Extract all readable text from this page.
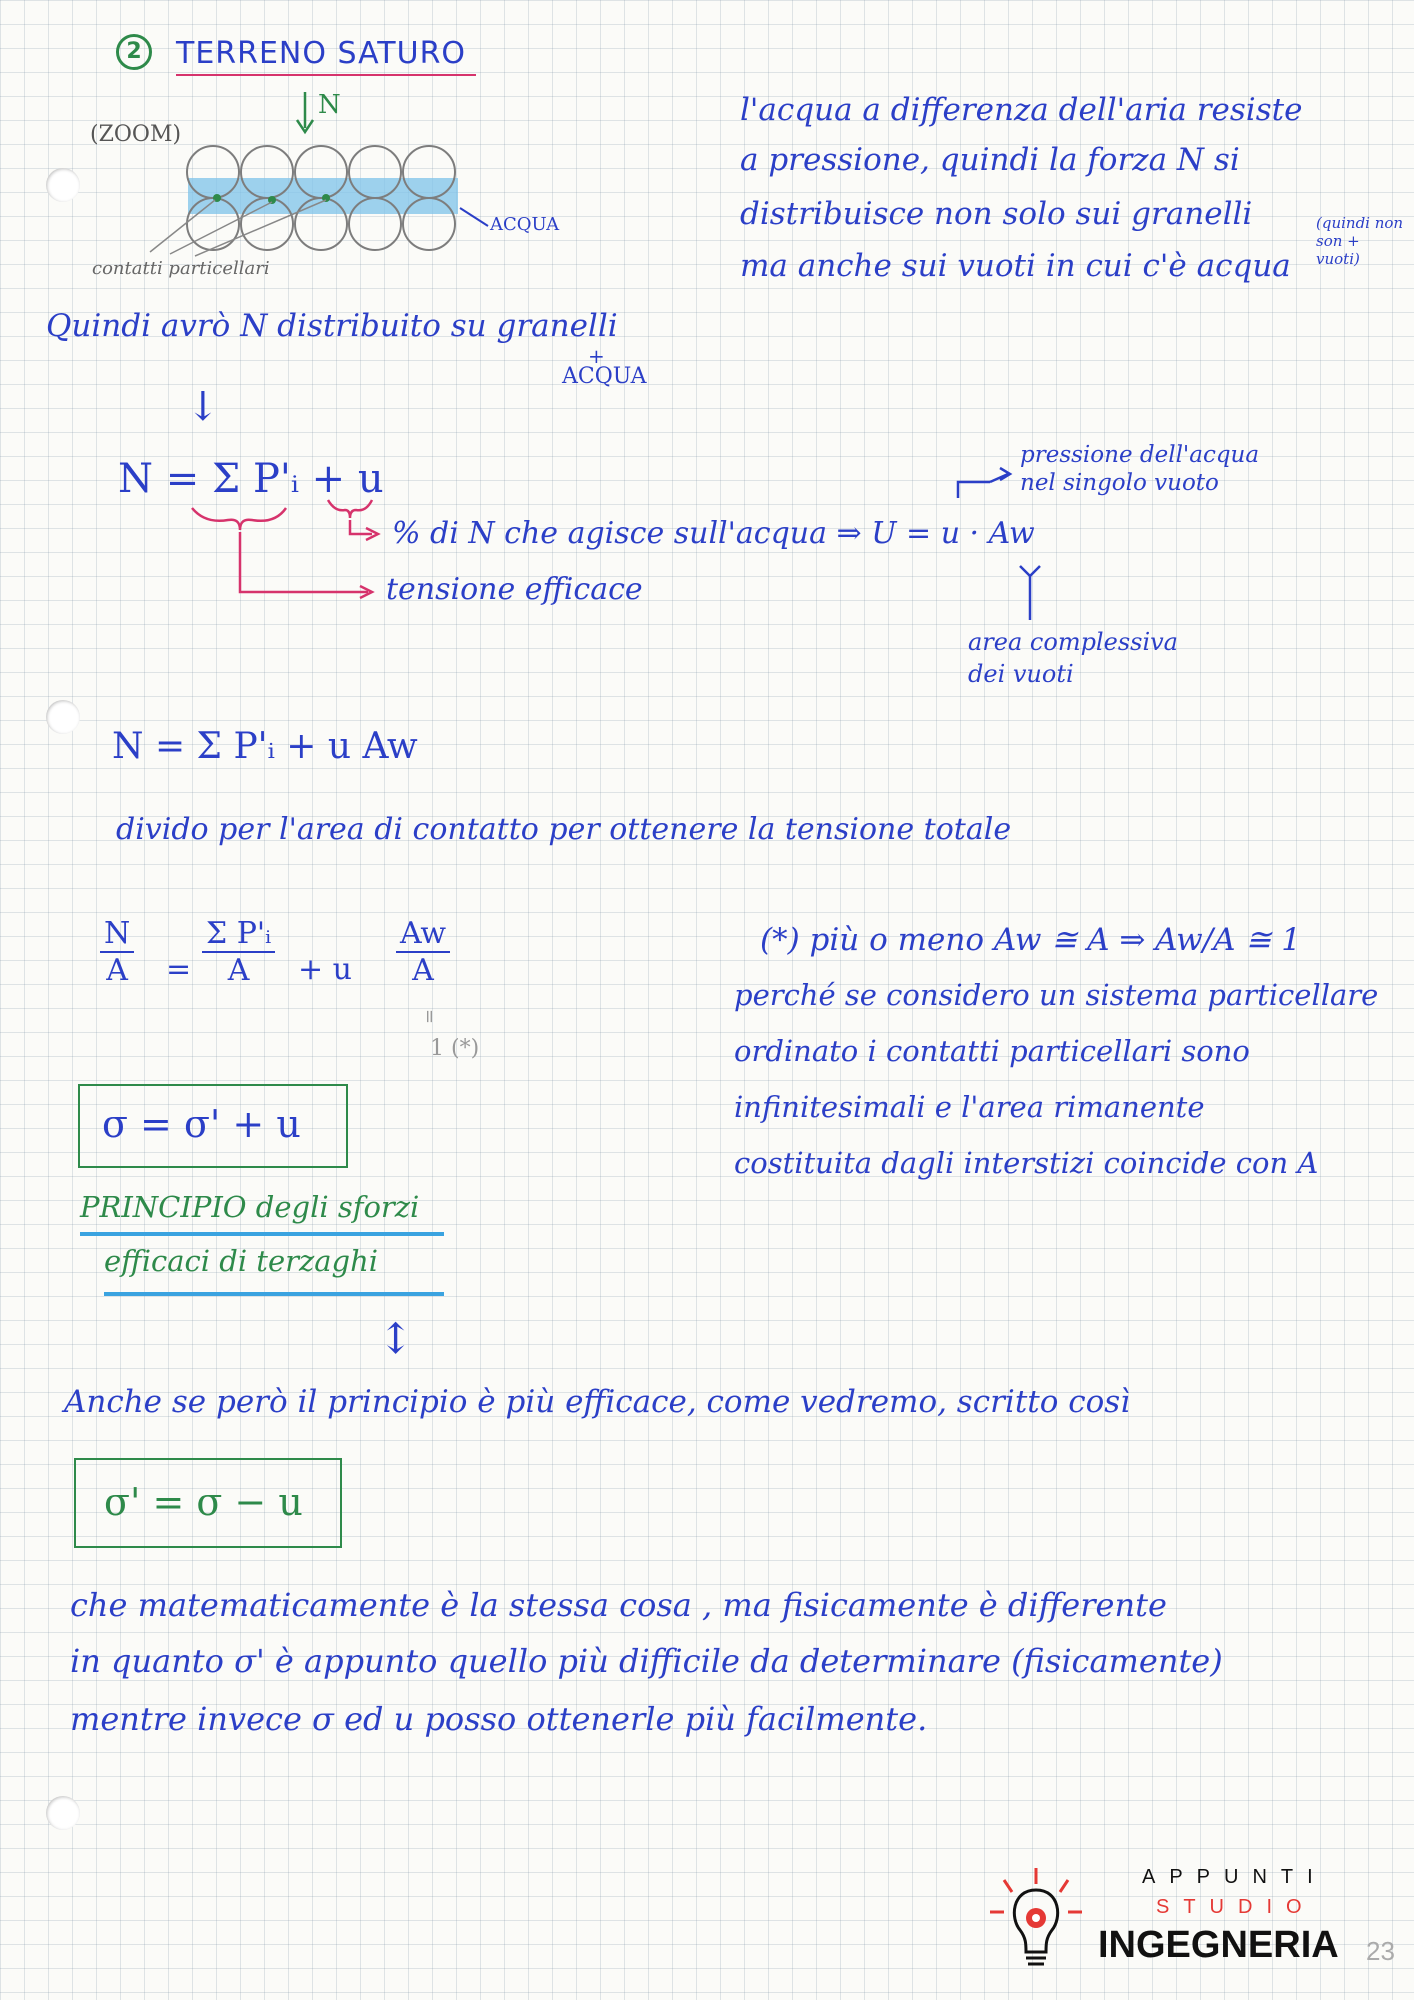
2	TERRENO SATURO
(ZOOM)
N
ACQUA
contatti particellari
l'acqua a differenza dell'aria resiste
a pressione, quindi la forza N si
distribuisce non solo sui granelli
ma anche sui vuoti in cui c'è acqua
(quindi non son + vuoti)
Quindi avrò N distribuito su granelli
+
ACQUA
↓
N = Σ P'ᵢ + u
% di N che agisce sull'acqua ⇒ U = u · Aw
tensione efficace
pressione dell'acqua
nel singolo vuoto
area complessiva
dei vuoti
N = Σ P'ᵢ + u Aw
divido per l'area di contatto per ottenere la tensione totale
$\frac{N}{A} = \frac{\text{Σ P'ᵢ}}{A} + u \frac{Aw}{A}$
=
1 (*)
(*) più o meno Aw ≅ A ⇒ Aw/A ≅ 1
perché se considero un sistema particellare
ordinato i contatti particellari sono
infinitesimali e l'area rimanente
costituita dagli interstizi coincide con A
σ = σ' + u
PRINCIPIO degli sforzi
efficaci di terzaghi
↕
Anche se però il principio è più efficace, come vedremo, scritto così
σ' = σ − u
che matematicamente è la stessa cosa , ma fisicamente è differente
in quanto σ' è appunto quello più difficile da determinare (fisicamente)
mentre invece σ ed u posso ottenerle più facilmente.
APPUNTI
STUDIO
INGEGNERIA 23
